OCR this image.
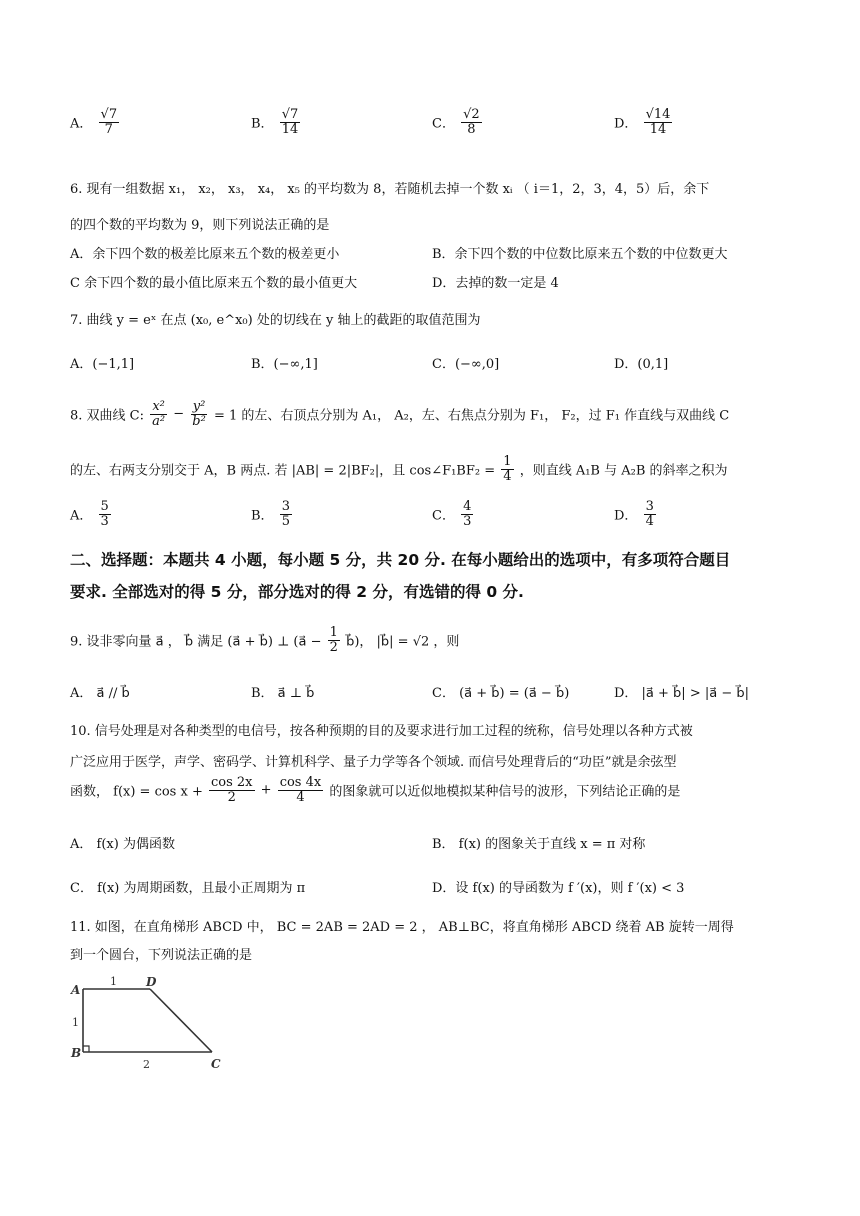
A． $\frac{√7}{7}$	B． $\frac{√7}{14}$	C． $\frac{√2}{8}$	D． $\frac{√14}{14}$
6. 现有一组数据 x₁， x₂， x₃， x₄， x₅ 的平均数为 8，若随机去掉一个数 xᵢ （ i＝1，2，3，4，5）后，余下
的四个数的平均数为 9，则下列说法正确的是
A．余下四个数的极差比原来五个数的极差更小	B．余下四个数的中位数比原来五个数的中位数更大
C 余下四个数的最小值比原来五个数的最小值更大	D．去掉的数一定是 4
7. 曲线 y = eˣ 在点 (x₀, e^x₀) 处的切线在 y 轴上的截距的取值范围为
A．(−1,1]	B．(−∞,1]	C．(−∞,0]	D．(0,1]
8. 双曲线 C: $\frac{\text{x²}}{\text{a²}} - \frac{\text{y²}}{\text{b²}} = 1$ 的左、右顶点分别为 A₁， A₂，左、右焦点分别为 F₁， F₂，过 F₁ 作直线与双曲线 C
的左、右两支分别交于 A，B 两点. 若 |AB| = 2|BF₂|，且 cos∠F₁BF₂ = $\frac{1}{4}$ ，则直线 A₁B 与 A₂B 的斜率之积为
A． $\frac{5}{3}$	B． $\frac{3}{5}$	C． $\frac{4}{3}$	D． $\frac{3}{4}$
二、选择题：本题共 4 小题，每小题 5 分，共 20 分. 在每小题给出的选项中，有多项符合题目
要求. 全部选对的得 5 分，部分选对的得 2 分，有选错的得 0 分.
9. 设非零向量 a⃗ ， b⃗ 满足 (a⃗ + b⃗) ⊥ (a⃗ − $\frac{1}{2}$ b⃗)， |b⃗| = √2 ，则
A． a⃗ // b⃗	B． a⃗ ⊥ b⃗	C． (a⃗ + b⃗) = (a⃗ − b⃗)	D． |a⃗ + b⃗| > |a⃗ − b⃗|
10. 信号处理是对各种类型的电信号，按各种预期的目的及要求进行加工过程的统称，信号处理以各种方式被
广泛应用于医学，声学、密码学、计算机科学、量子力学等各个领域. 而信号处理背后的“功臣”就是余弦型
函数， $f(x) = \cos x + \frac{\cos 2x}{2} + \frac{\cos 4x}{4}$ 的图象就可以近似地模拟某种信号的波形，下列结论正确的是
A． f(x) 为偶函数	B． f(x) 的图象关于直线 x = π 对称
C． f(x) 为周期函数，且最小正周期为 π	D．设 f(x) 的导函数为 f ′(x)，则 f ′(x) < 3
11. 如图，在直角梯形 ABCD 中， BC = 2AB = 2AD = 2 ， AB⊥BC，将直角梯形 ABCD 绕着 AB 旋转一周得
到一个圆台，下列说法正确的是
A
B
C
D
1
1
2
